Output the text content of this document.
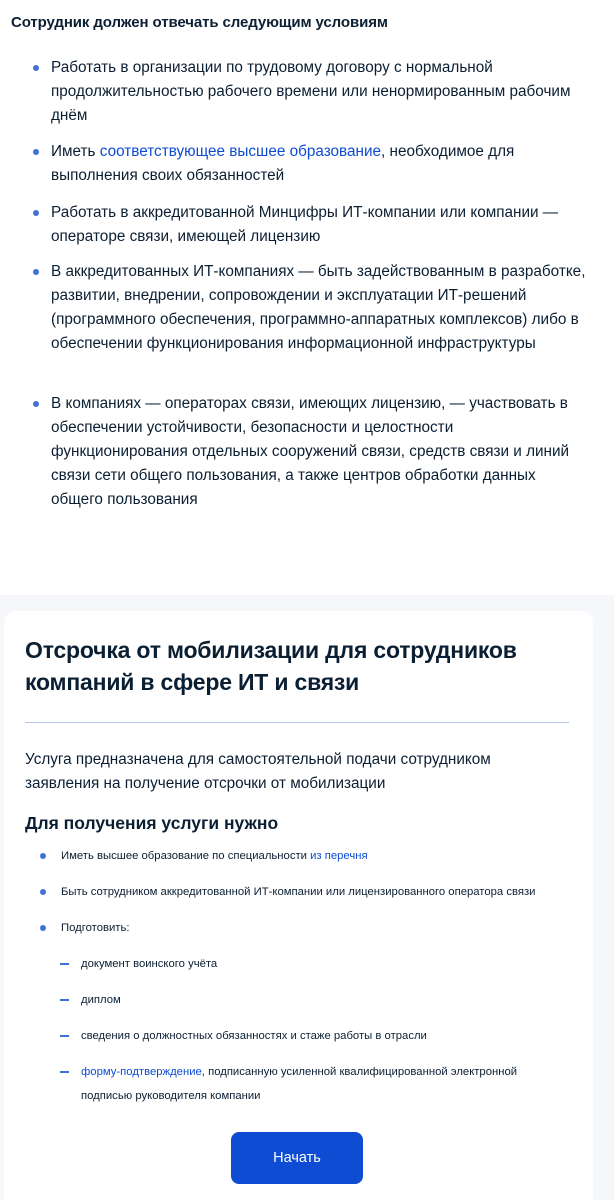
Сотрудник должен отвечать следующим условиям
Работать в организации по трудовому договору с нормальной продолжительностью рабочего времени или ненормированным рабочим днём
Иметь соответствующее высшее образование, необходимое для выполнения своих обязанностей
Работать в аккредитованной Минцифры ИТ-компании или компании — операторе связи, имеющей лицензию
В аккредитованных ИТ-компаниях — быть задействованным в разработке, развитии, внедрении, сопровождении и эксплуатации ИТ-решений (программного обеспечения, программно-аппаратных комплексов) либо в обеспечении функционирования информационной инфраструктуры
В компаниях — операторах связи, имеющих лицензию, — участвовать в обеспечении устойчивости, безопасности и целостности функционирования отдельных сооружений связи, средств связи и линий связи сети общего пользования, а также центров обработки данных общего пользования
Отсрочка от мобилизации для сотрудников компаний в сфере ИТ и связи

Услуга предназначена для самостоятельной подачи сотрудником заявления на получение отсрочки от мобилизации

Для получения услуги нужно
Иметь высшее образование по специальности из перечня
Быть сотрудником аккредитованной ИТ-компании или лицензированного оператора связи
Подготовить:
документ воинского учёта
диплом
сведения о должностных обязанностях и стаже работы в отрасли
форму-подтверждение, подписанную усиленной квалифицированной электронной подписью руководителя компании
Начать
